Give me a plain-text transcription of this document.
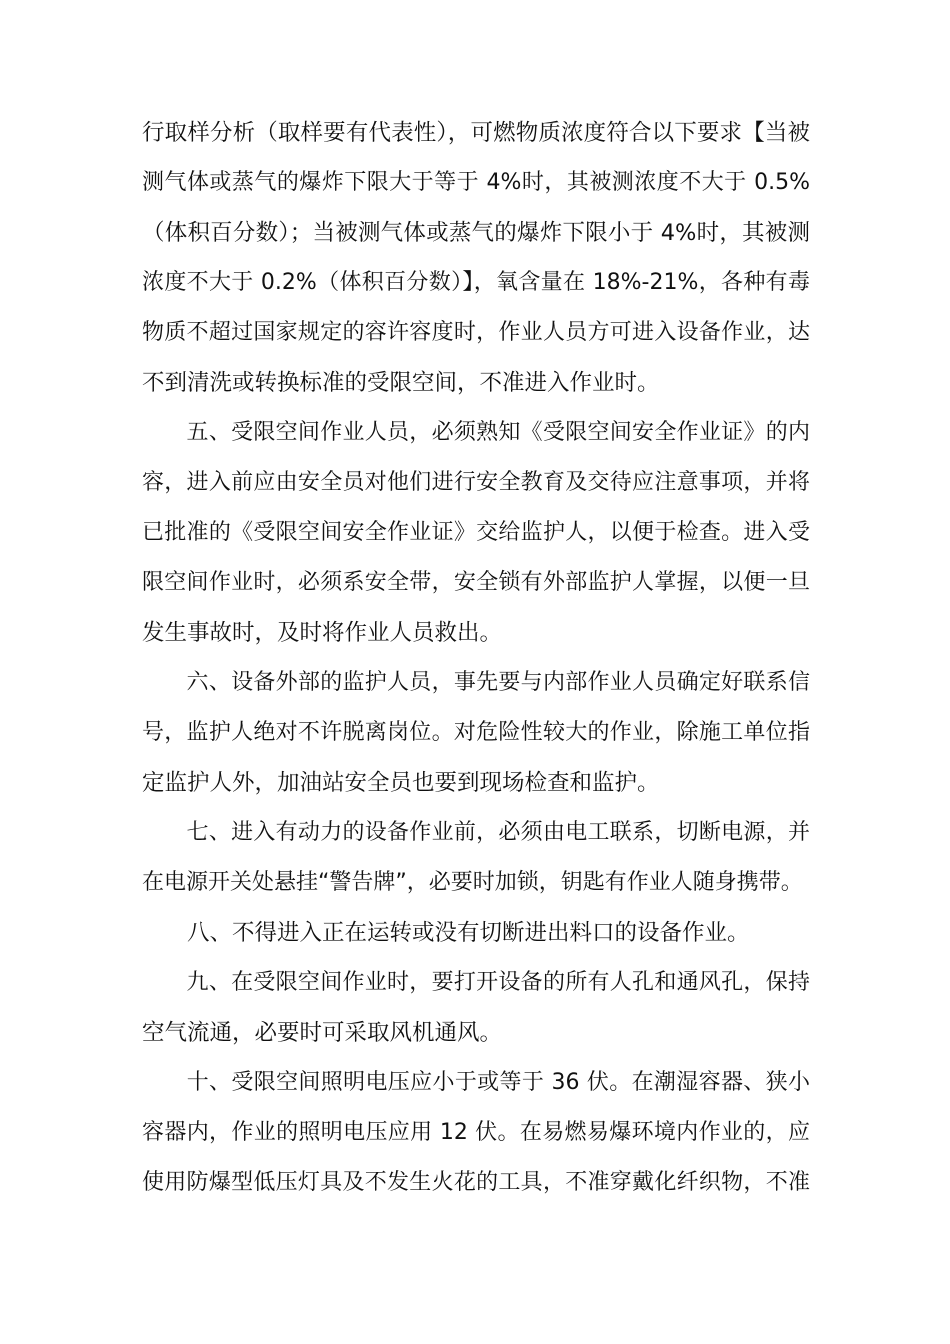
行取样分析（取样要有代表性），可燃物质浓度符合以下要求【当被
测气体或蒸气的爆炸下限大于等于 4%时，其被测浓度不大于 0.5%
（体积百分数）；当被测气体或蒸气的爆炸下限小于 4%时，其被测
浓度不大于 0.2%（体积百分数）】，氧含量在 18%-21%，各种有毒
物质不超过国家规定的容许容度时，作业人员方可进入设备作业，达
不到清洗或转换标准的受限空间，不准进入作业时。
　　五、受限空间作业人员，必须熟知《受限空间安全作业证》的内
容，进入前应由安全员对他们进行安全教育及交待应注意事项，并将
已批准的《受限空间安全作业证》交给监护人，以便于检查。进入受
限空间作业时，必须系安全带，安全锁有外部监护人掌握，以便一旦
发生事故时，及时将作业人员救出。
　　六、设备外部的监护人员，事先要与内部作业人员确定好联系信
号，监护人绝对不许脱离岗位。对危险性较大的作业，除施工单位指
定监护人外，加油站安全员也要到现场检查和监护。
　　七、进入有动力的设备作业前，必须由电工联系，切断电源，并
在电源开关处悬挂“警告牌”，必要时加锁，钥匙有作业人随身携带。
　　八、不得进入正在运转或没有切断进出料口的设备作业。
　　九、在受限空间作业时，要打开设备的所有人孔和通风孔，保持
空气流通，必要时可采取风机通风。
　　十、受限空间照明电压应小于或等于 36 伏。在潮湿容器、狭小
容器内，作业的照明电压应用 12 伏。在易燃易爆环境内作业的，应
使用防爆型低压灯具及不发生火花的工具，不准穿戴化纤织物，不准
